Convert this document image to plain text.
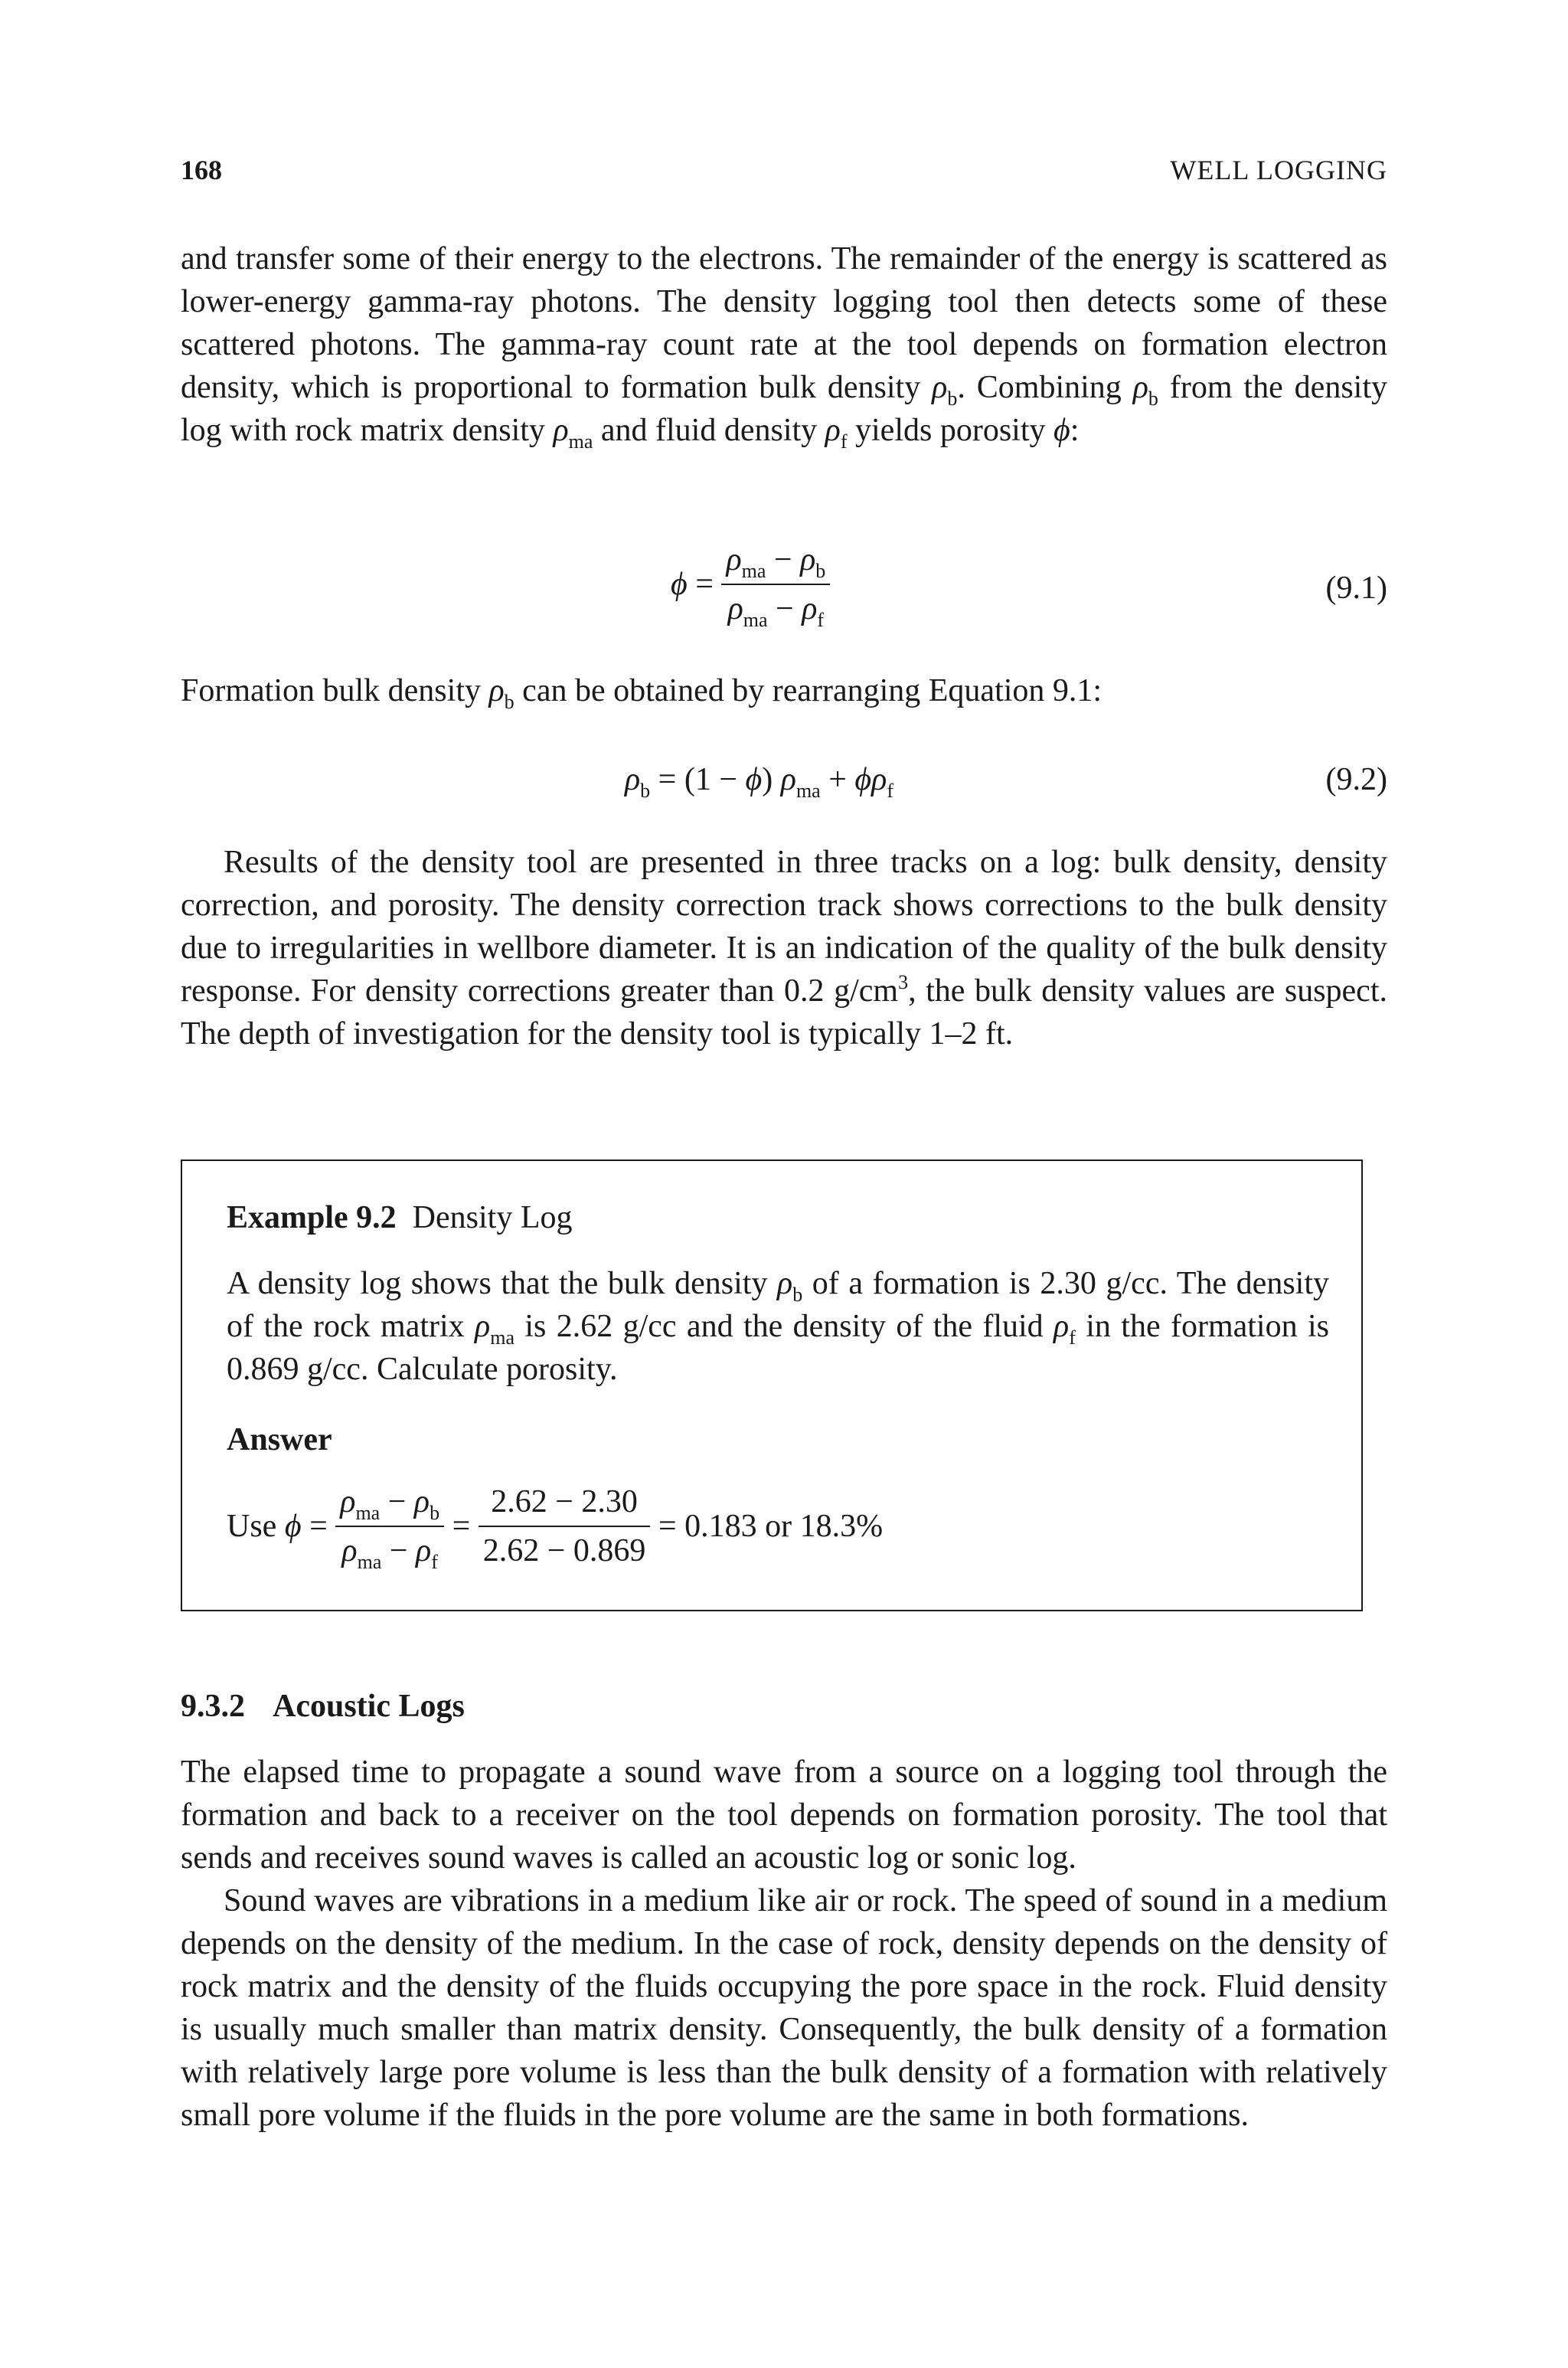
168	WELL LOGGING

and transfer some of their energy to the electrons. The remainder of the energy is scattered as lower-energy gamma-ray photons. The density logging tool then detects some of these scattered photons. The gamma-ray count rate at the tool depends on formation electron density, which is proportional to formation bulk density $\rho_b$. Combining $\rho_b$ from the density log with rock matrix density $\rho_{ma}$ and fluid density $\rho_f$ yields porosity ϕ:

$\phi = \frac{\rho_{ma} - \rho_b}{\rho_{ma} - \rho_f}$	(9.1)

Formation bulk density $\rho_b$ can be obtained by rearranging Equation 9.1:

$\rho_b = (1 - \phi) \rho_{ma} + \phi\rho_f$	(9.2)

Results of the density tool are presented in three tracks on a log: bulk density, density correction, and porosity. The density correction track shows corrections to the bulk density due to irregularities in wellbore diameter. It is an indication of the quality of the bulk density response. For density corrections greater than 0.2 $g/cm^3$, the bulk density values are suspect. The depth of investigation for the density tool is typically 1–2 ft.

Example 9.2 Density Log
A density log shows that the bulk density $\rho_b$ of a formation is 2.30 g/cc. The density of the rock matrix $\rho_{ma}$ is 2.62 g/cc and the density of the fluid $\rho_f$ in the formation is 0.869 g/cc. Calculate porosity.
Answer
Use $\phi = \frac{\rho_{ma} - \rho_b}{\rho_{ma} - \rho_f} = \frac{2.62 - 2.30}{2.62 - 0.869} = 0.183$ or 18.3%
9.3.2 Acoustic Logs

The elapsed time to propagate a sound wave from a source on a logging tool through the formation and back to a receiver on the tool depends on formation porosity. The tool that sends and receives sound waves is called an acoustic log or sonic log.

Sound waves are vibrations in a medium like air or rock. The speed of sound in a medium depends on the density of the medium. In the case of rock, density depends on the density of rock matrix and the density of the fluids occupying the pore space in the rock. Fluid density is usually much smaller than matrix density. Consequently, the bulk density of a formation with relatively large pore volume is less than the bulk density of a formation with relatively small pore volume if the fluids in the pore volume are the same in both formations.
